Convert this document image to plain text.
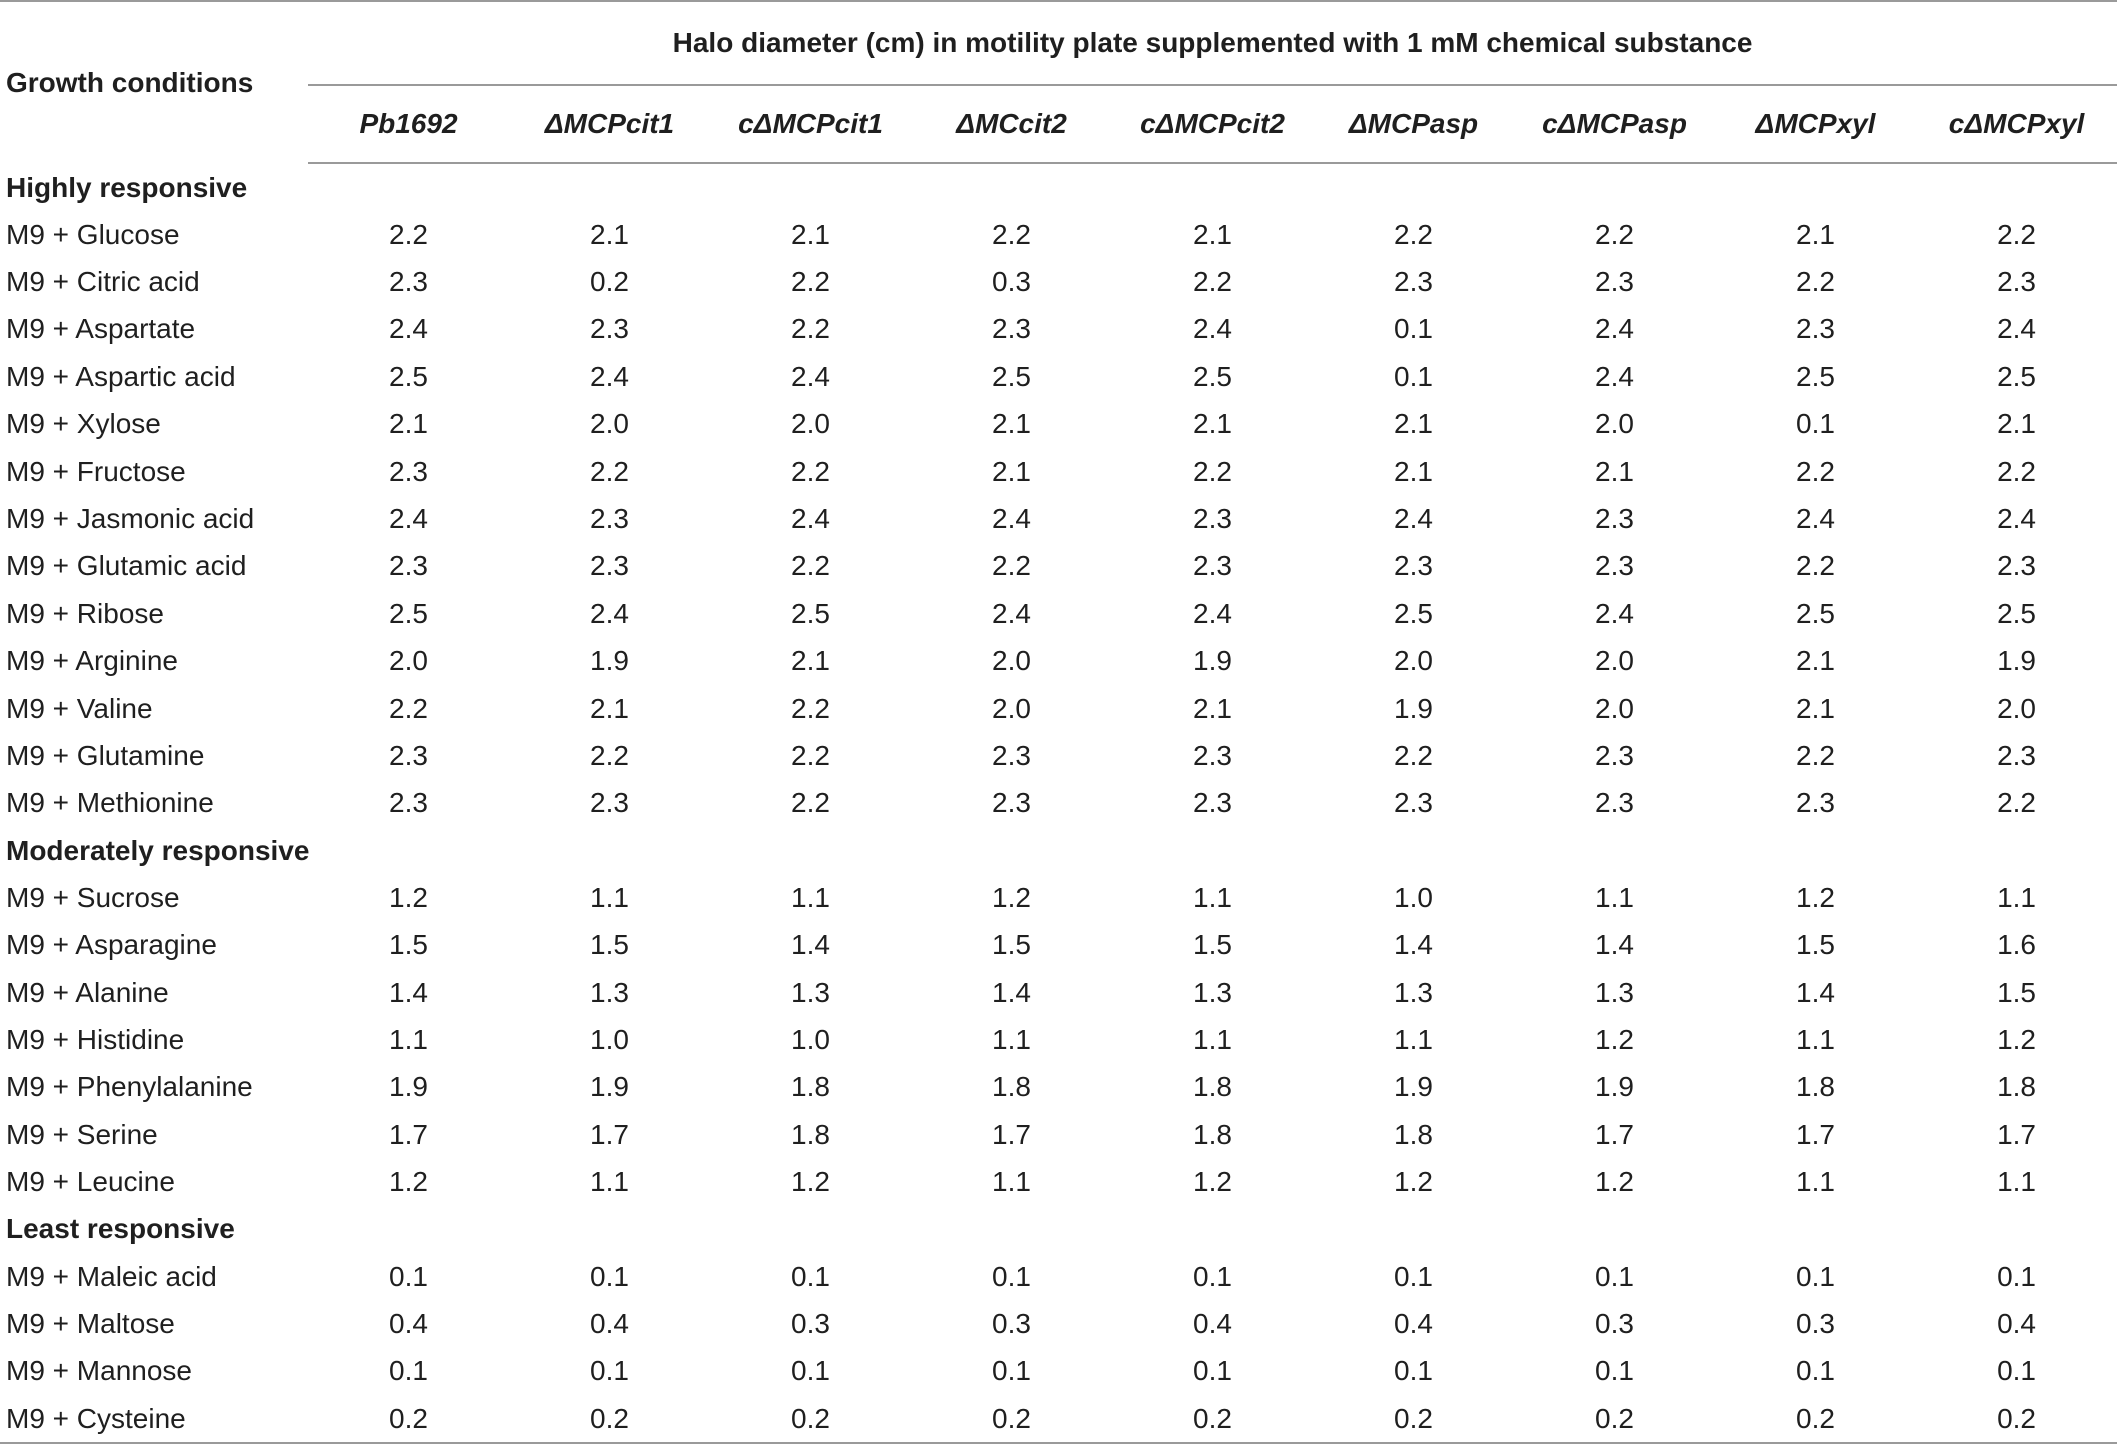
Growth conditions	Halo diameter (cm) in motility plate supplemented with 1 mM chemical substance								
	Pb1692	ΔMCPcit1	cΔMCPcit1	ΔMCcit2	cΔMCPcit2	ΔMCPasp	cΔMCPasp	ΔMCPxyl	cΔMCPxyl
Highly responsive									
M9 + Glucose	2.2	2.1	2.1	2.2	2.1	2.2	2.2	2.1	2.2
M9 + Citric acid	2.3	0.2	2.2	0.3	2.2	2.3	2.3	2.2	2.3
M9 + Aspartate	2.4	2.3	2.2	2.3	2.4	0.1	2.4	2.3	2.4
M9 + Aspartic acid	2.5	2.4	2.4	2.5	2.5	0.1	2.4	2.5	2.5
M9 + Xylose	2.1	2.0	2.0	2.1	2.1	2.1	2.0	0.1	2.1
M9 + Fructose	2.3	2.2	2.2	2.1	2.2	2.1	2.1	2.2	2.2
M9 + Jasmonic acid	2.4	2.3	2.4	2.4	2.3	2.4	2.3	2.4	2.4
M9 + Glutamic acid	2.3	2.3	2.2	2.2	2.3	2.3	2.3	2.2	2.3
M9 + Ribose	2.5	2.4	2.5	2.4	2.4	2.5	2.4	2.5	2.5
M9 + Arginine	2.0	1.9	2.1	2.0	1.9	2.0	2.0	2.1	1.9
M9 + Valine	2.2	2.1	2.2	2.0	2.1	1.9	2.0	2.1	2.0
M9 + Glutamine	2.3	2.2	2.2	2.3	2.3	2.2	2.3	2.2	2.3
M9 + Methionine	2.3	2.3	2.2	2.3	2.3	2.3	2.3	2.3	2.2
Moderately responsive									
M9 + Sucrose	1.2	1.1	1.1	1.2	1.1	1.0	1.1	1.2	1.1
M9 + Asparagine	1.5	1.5	1.4	1.5	1.5	1.4	1.4	1.5	1.6
M9 + Alanine	1.4	1.3	1.3	1.4	1.3	1.3	1.3	1.4	1.5
M9 + Histidine	1.1	1.0	1.0	1.1	1.1	1.1	1.2	1.1	1.2
M9 + Phenylalanine	1.9	1.9	1.8	1.8	1.8	1.9	1.9	1.8	1.8
M9 + Serine	1.7	1.7	1.8	1.7	1.8	1.8	1.7	1.7	1.7
M9 + Leucine	1.2	1.1	1.2	1.1	1.2	1.2	1.2	1.1	1.1
Least responsive									
M9 + Maleic acid	0.1	0.1	0.1	0.1	0.1	0.1	0.1	0.1	0.1
M9 + Maltose	0.4	0.4	0.3	0.3	0.4	0.4	0.3	0.3	0.4
M9 + Mannose	0.1	0.1	0.1	0.1	0.1	0.1	0.1	0.1	0.1
M9 + Cysteine	0.2	0.2	0.2	0.2	0.2	0.2	0.2	0.2	0.2
